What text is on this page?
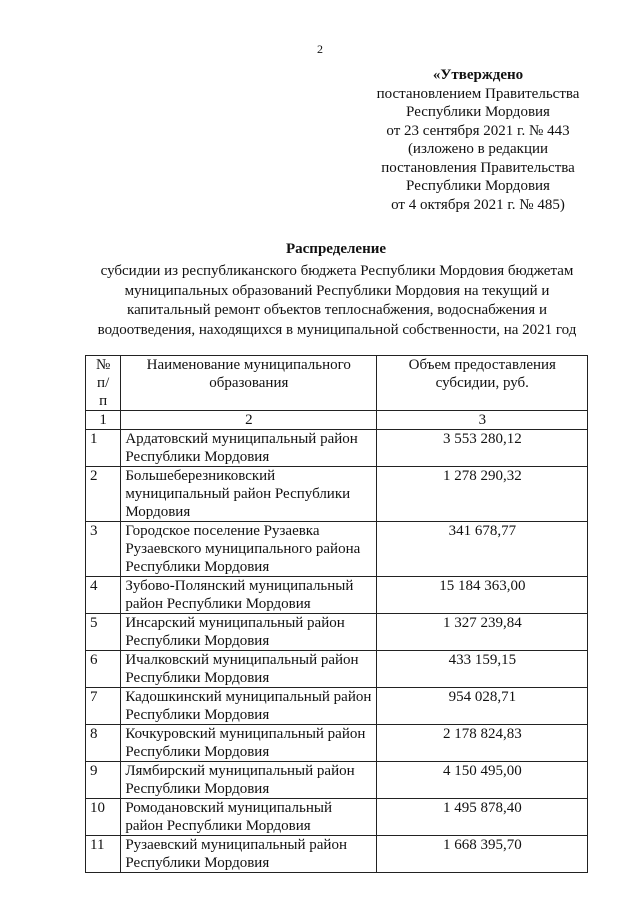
2
«Утверждено
постановлением Правительства
Республики Мордовия
от 23 сентября 2021 г. № 443
(изложено в редакции
постановления Правительства
Республики Мордовия
от 4 октября 2021 г. № 485)
Распределение
субсидии из республиканского бюджета Республики Мордовия бюджетам муниципальных образований Республики Мордовия на текущий и капитальный ремонт объектов теплоснабжения, водоснабжения и водоотведения, находящихся в муниципальной собственности, на 2021 год
№ п/п	Наименование муниципального образования	Объем предоставления субсидии, руб.
1	2	3
1	Ардатовский муниципальный район Республики Мордовия	3 553 280,12
2	Большеберезниковский муниципальный район Республики Мордовия	1 278 290,32
3	Городское поселение Рузаевка Рузаевского муниципального района Республики Мордовия	341 678,77
4	Зубово-Полянский муниципальный район Республики Мордовия	15 184 363,00
5	Инсарский муниципальный район Республики Мордовия	1 327 239,84
6	Ичалковский муниципальный район Республики Мордовия	433 159,15
7	Кадошкинский муниципальный район Республики Мордовия	954 028,71
8	Кочкуровский муниципальный район Республики Мордовия	2 178 824,83
9	Лямбирский муниципальный район Республики Мордовия	4 150 495,00
10	Ромодановский муниципальный район Республики Мордовия	1 495 878,40
11	Рузаевский муниципальный район Республики Мордовия	1 668 395,70
